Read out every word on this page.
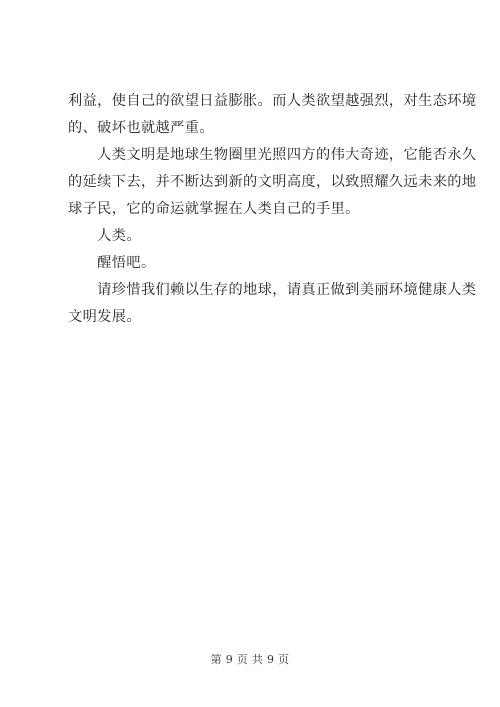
利益，使自己的欲望日益膨胀。而人类欲望越强烈，对生态环境
的、破坏也就越严重。
　　人类文明是地球生物圈里光照四方的伟大奇迹，它能否永久
的延续下去，并不断达到新的文明高度，以致照耀久远未来的地
球子民，它的命运就掌握在人类自己的手里。
　　人类。
　　醒悟吧。
　　请珍惜我们赖以生存的地球，请真正做到美丽环境健康人类
文明发展。
第 9 页 共 9 页
